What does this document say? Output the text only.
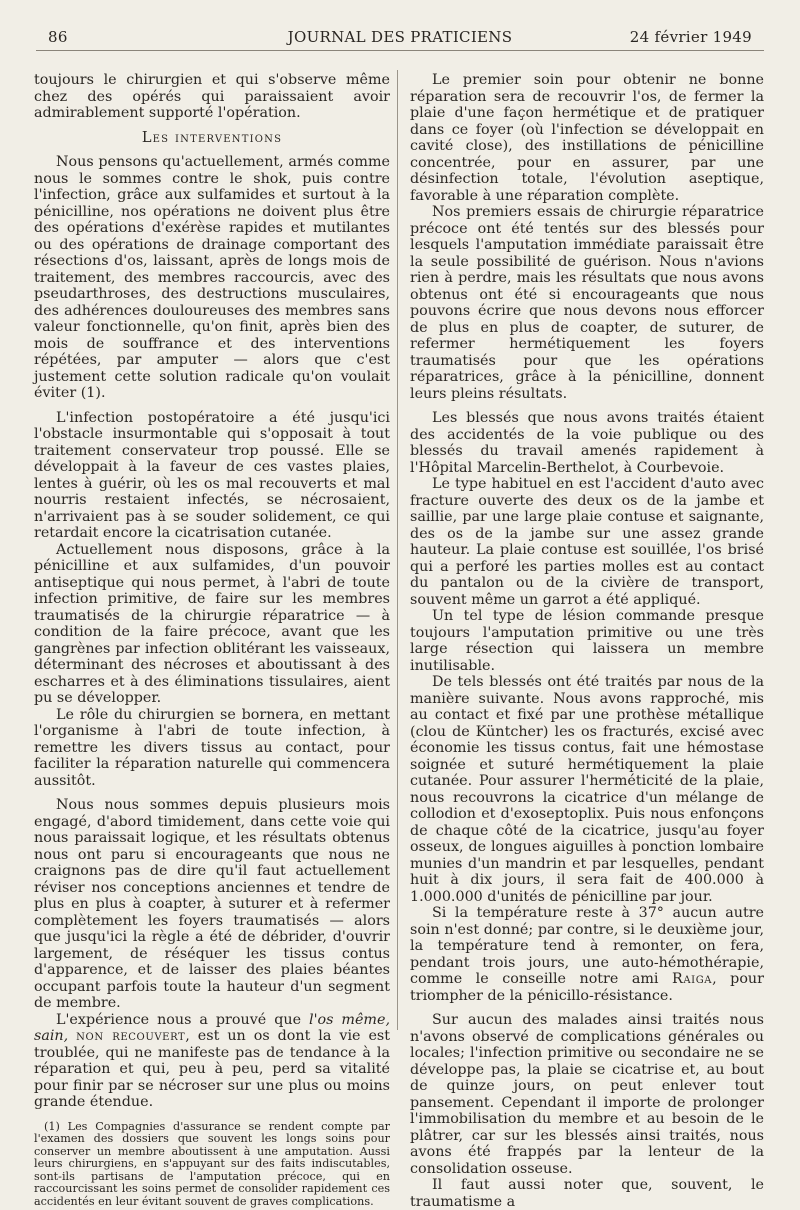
86	JOURNAL DES PRATICIENS	24 février 1949

toujours le chirurgien et qui s'observe même chez des opérés qui paraissaient avoir admirablement supporté l'opération.

Les interventions

Nous pensons qu'actuellement, armés comme nous le sommes contre le shok, puis contre l'infection, grâce aux sulfamides et surtout à la pénicilline, nos opérations ne doivent plus être des opérations d'exérèse rapides et mutilantes ou des opérations de drainage comportant des résections d'os, laissant, après de longs mois de traitement, des membres raccourcis, avec des pseudarthroses, des destructions musculaires, des adhérences douloureuses des membres sans valeur fonctionnelle, qu'on finit, après bien des mois de souffrance et des interventions répétées, par amputer — alors que c'est justement cette solution radicale qu'on voulait éviter (1).

L'infection postopératoire a été jusqu'ici l'obstacle insurmontable qui s'opposait à tout traitement conservateur trop poussé. Elle se développait à la faveur de ces vastes plaies, lentes à guérir, où les os mal recouverts et mal nourris restaient infectés, se nécrosaient, n'arrivaient pas à se souder solidement, ce qui retardait encore la cicatrisation cutanée.

Actuellement nous disposons, grâce à la pénicilline et aux sulfamides, d'un pouvoir antiseptique qui nous permet, à l'abri de toute infection primitive, de faire sur les membres traumatisés de la chirurgie réparatrice — à condition de la faire précoce, avant que les gangrènes par infection oblitérant les vaisseaux, déterminant des nécroses et aboutissant à des escharres et à des éliminations tissulaires, aient pu se développer.

Le rôle du chirurgien se bornera, en mettant l'organisme à l'abri de toute infection, à remettre les divers tissus au contact, pour faciliter la réparation naturelle qui commencera aussitôt.

Nous nous sommes depuis plusieurs mois engagé, d'abord timidement, dans cette voie qui nous paraissait logique, et les résultats obtenus nous ont paru si encourageants que nous ne craignons pas de dire qu'il faut actuellement réviser nos conceptions anciennes et tendre de plus en plus à coapter, à suturer et à refermer complètement les foyers traumatisés — alors que jusqu'ici la règle a été de débrider, d'ouvrir largement, de réséquer les tissus contus d'apparence, et de laisser des plaies béantes occupant parfois toute la hauteur d'un segment de membre.

L'expérience nous a prouvé que l'os même, sain, non recouvert, est un os dont la vie est troublée, qui ne manifeste pas de tendance à la réparation et qui, peu à peu, perd sa vitalité pour finir par se nécroser sur une plus ou moins grande étendue.

(1) Les Compagnies d'assurance se rendent compte par l'examen des dossiers que souvent les longs soins pour conserver un membre aboutissent à une amputation. Aussi leurs chirurgiens, en s'appuyant sur des faits indiscutables, sont-ils partisans de l'amputation précoce, qui en raccourcissant les soins permet de consolider rapidement ces accidentés en leur évitant souvent de graves complications.

Le premier soin pour obtenir ne bonne réparation sera de recouvrir l'os, de fermer la plaie d'une façon hermétique et de pratiquer dans ce foyer (où l'infection se développait en cavité close), des instillations de pénicilline concentrée, pour en assurer, par une désinfection totale, l'évolution aseptique, favorable à une réparation complète.

Nos premiers essais de chirurgie réparatrice précoce ont été tentés sur des blessés pour lesquels l'amputation immédiate paraissait être la seule possibilité de guérison. Nous n'avions rien à perdre, mais les résultats que nous avons obtenus ont été si encourageants que nous pouvons écrire que nous devons nous efforcer de plus en plus de coapter, de suturer, de refermer hermétiquement les foyers traumatisés pour que les opérations réparatrices, grâce à la pénicilline, donnent leurs pleins résultats.

Les blessés que nous avons traités étaient des accidentés de la voie publique ou des blessés du travail amenés rapidement à l'Hôpital Marcelin-Berthelot, à Courbevoie.

Le type habituel en est l'accident d'auto avec fracture ouverte des deux os de la jambe et saillie, par une large plaie contuse et saignante, des os de la jambe sur une assez grande hauteur. La plaie contuse est souillée, l'os brisé qui a perforé les parties molles est au contact du pantalon ou de la civière de transport, souvent même un garrot a été appliqué.

Un tel type de lésion commande presque toujours l'amputation primitive ou une très large résection qui laissera un membre inutilisable.

De tels blessés ont été traités par nous de la manière suivante. Nous avons rapproché, mis au contact et fixé par une prothèse métallique (clou de Küntcher) les os fracturés, excisé avec économie les tissus contus, fait une hémostase soignée et suturé hermétiquement la plaie cutanée. Pour assurer l'herméticité de la plaie, nous recouvrons la cicatrice d'un mélange de collodion et d'exoseptoplix. Puis nous enfonçons de chaque côté de la cicatrice, jusqu'au foyer osseux, de longues aiguilles à ponction lombaire munies d'un mandrin et par lesquelles, pendant huit à dix jours, il sera fait de 400.000 à 1.000.000 d'unités de pénicilline par jour.

Si la température reste à 37° aucun autre soin n'est donné; par contre, si le deuxième jour, la température tend à remonter, on fera, pendant trois jours, une auto-hémothérapie, comme le conseille notre ami Raiga, pour triompher de la pénicillo-résistance.

Sur aucun des malades ainsi traités nous n'avons observé de complications générales ou locales; l'infection primitive ou secondaire ne se développe pas, la plaie se cicatrise et, au bout de quinze jours, on peut enlever tout pansement. Cependant il importe de prolonger l'immobilisation du membre et au besoin de le plâtrer, car sur les blessés ainsi traités, nous avons été frappés par la lenteur de la consolidation osseuse.

Il faut aussi noter que, souvent, le traumatisme a
